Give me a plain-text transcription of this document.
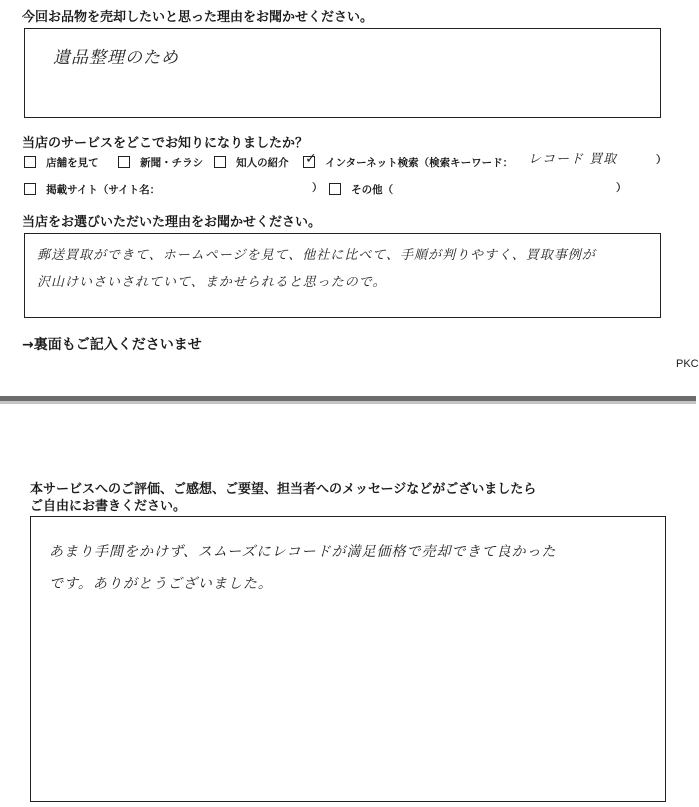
今回お品物を売却したいと思った理由をお聞かせください。
遺品整理のため
当店のサービスをどこでお知りになりましたか？
店舗を見て	新聞・チラシ	知人の紹介 ✓ インターネット検索（検索キーワード： レコード 買取	）
掲載サイト（サイト名：	）	その他（	）
当店をお選びいただいた理由をお聞かせください。
郵送買取ができて、ホームページを見て、他社に比べて、手順が判りやすく、買取事例が
沢山けいさいされていて、まかせられると思ったので。
→裏面もご記入くださいませ
PKC
本サービスへのご評価、ご感想、ご要望、担当者へのメッセージなどがございましたら
ご自由にお書きください。
あまり手間をかけず、スムーズにレコードが満足価格で売却できて良かった
です。ありがとうございました。
